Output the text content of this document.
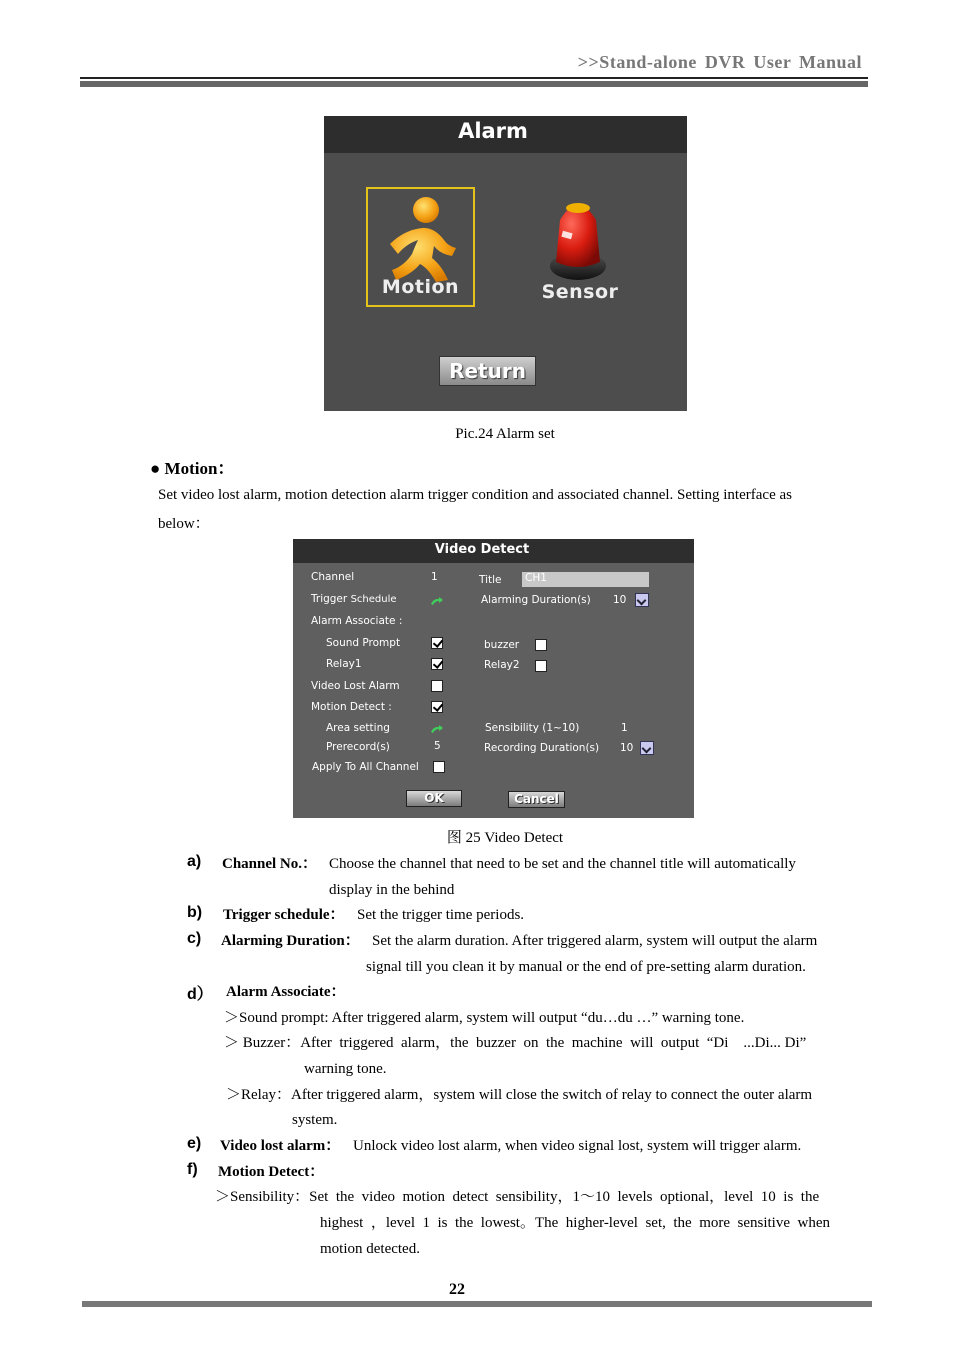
>>Stand-alone DVR User Manual
Alarm
Motion	Sensor
Return
Pic.24 Alarm set
● Motion：
Set video lost alarm, motion detection alarm trigger condition and associated channel. Setting interface as
below：
Video Detect
Channel	1	Title CH1
Trigger Schedule	Alarming Duration(s) 10
Alarm Associate :
Sound Prompt	buzzer
Relay1	Relay2
Video Lost Alarm
Motion Detect :
Area setting	Sensibility (1~10)	1
Prerecord(s)	5	Recording Duration(s) 10
Apply To All Channel
OK	Cancel
图 25 Video Detect
a) Channel No.： Choose the channel that need to be set and the channel title will automatically
display in the behind
b) Trigger schedule： Set the trigger time periods.
c) Alarming Duration： Set the alarm duration. After triggered alarm, system will output the alarm
signal till you clean it by manual or the end of pre-setting alarm duration.
d） Alarm Associate：
＞Sound prompt: After triggered alarm, system will output “du…du …” warning tone.
＞ Buzzer：After  triggered  alarm，the  buzzer  on  the  machine  will  output  “Di    ...Di... Di”
warning tone.
＞Relay：After triggered alarm，system will close the switch of relay to connect the outer alarm
system.
e) Video lost alarm： Unlock video lost alarm, when video signal lost, system will trigger alarm.
f) Motion Detect：
＞Sensibility：Set  the  video  motion  detect  sensibility，1～10  levels  optional，level  10  is  the
highest  ，level  1  is  the  lowest。The  higher-level  set,  the  more  sensitive  when
motion detected.
22
